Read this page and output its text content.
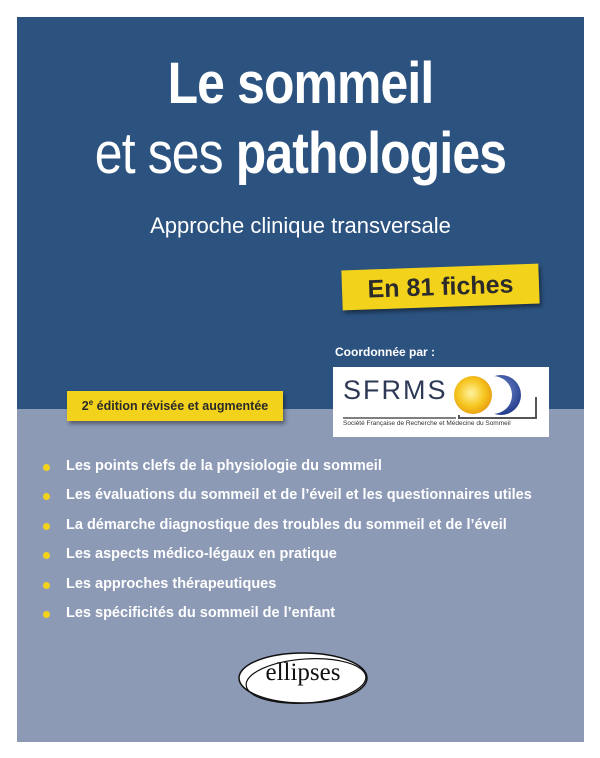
Le sommeil
et ses pathologies
Approche clinique transversale
En 81 fiches
Coordonnée par :
SFRMS
Société Française de Recherche et Médecine du Sommeil
2e édition révisée et augmentée
Les points clefs de la physiologie du sommeil
Les évaluations du sommeil et de l’éveil et les questionnaires utiles
La démarche diagnostique des troubles du sommeil et de l’éveil
Les aspects médico-légaux en pratique
Les approches thérapeutiques
Les spécificités du sommeil de l’enfant
ellipses
